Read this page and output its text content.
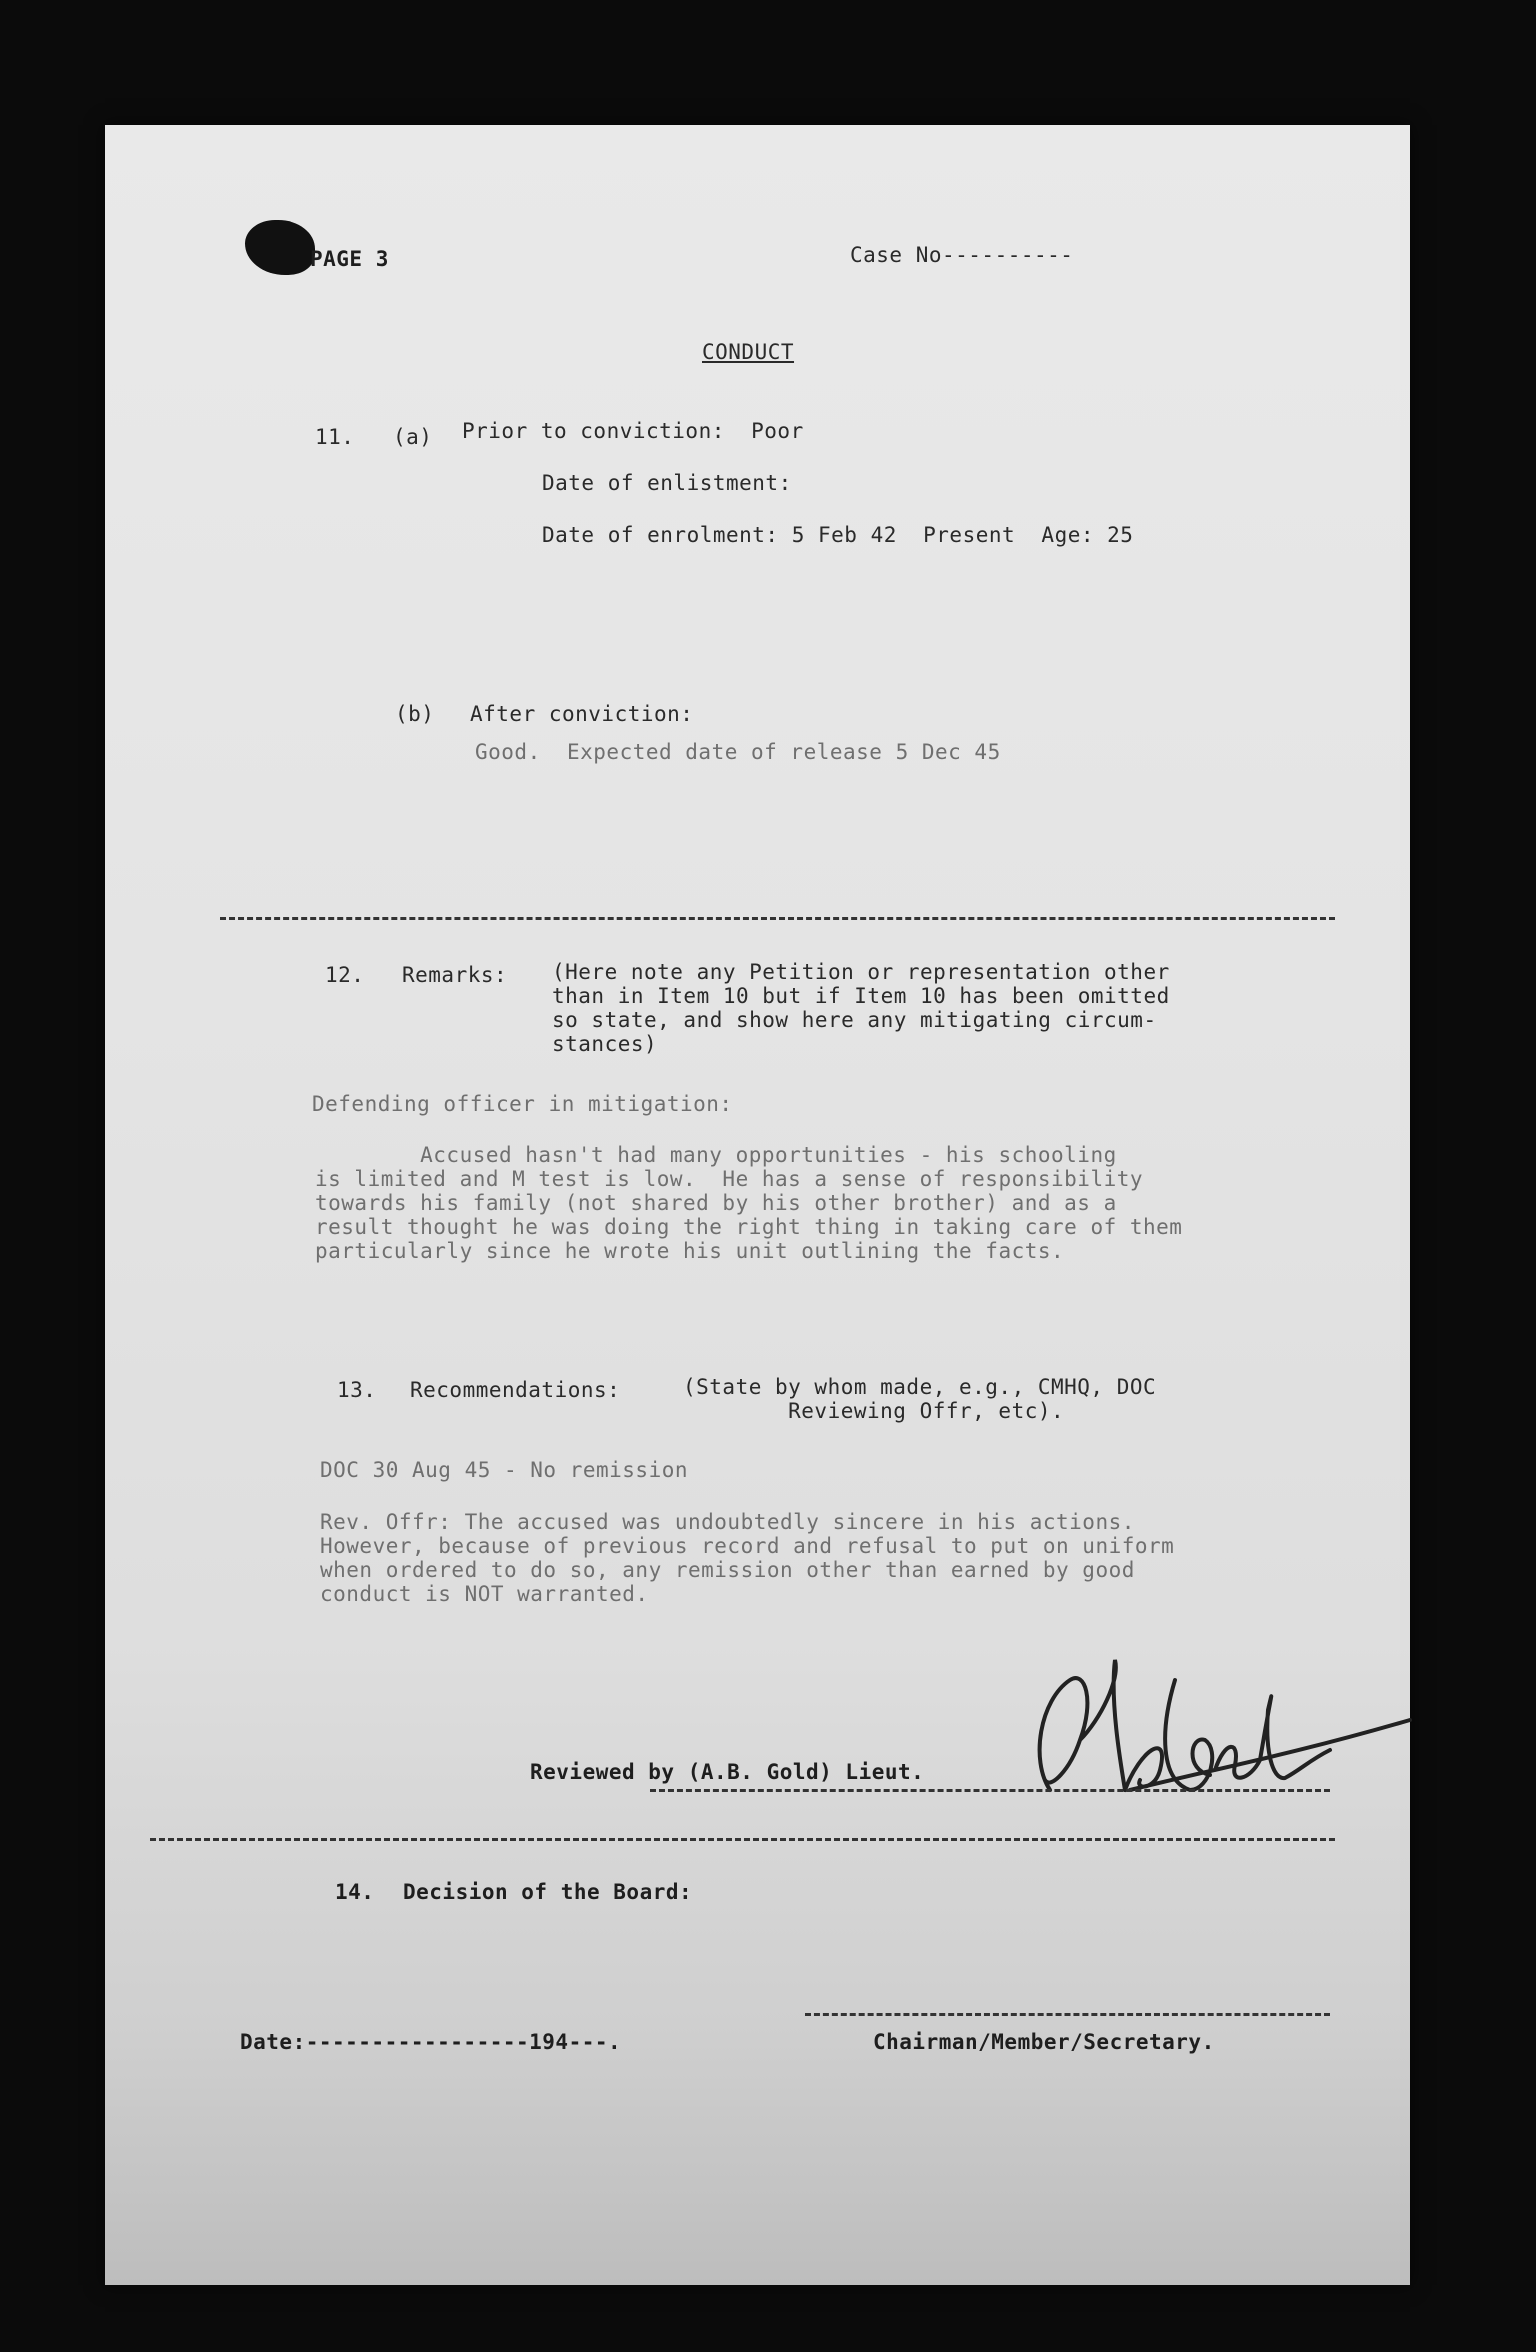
PAGE 3	Case No----------
CONDUCT
11. (a) Prior to conviction:  Poor
Date of enlistment:
Date of enrolment: 5 Feb 42  Present  Age: 25
(b) After conviction:
Good.  Expected date of release 5 Dec 45
12. Remarks: (Here note any Petition or representation other
than in Item 10 but if Item 10 has been omitted
so state, and show here any mitigating circum-
stances)
Defending officer in mitigation:
Accused hasn't had many opportunities - his schooling
is limited and M test is low.  He has a sense of responsibility
towards his family (not shared by his other brother) and as a
result thought he was doing the right thing in taking care of them
particularly since he wrote his unit outlining the facts.
13. Recommendations:	(State by whom made, e.g., CMHQ, DOC
Reviewing Offr, etc).
DOC 30 Aug 45 - No remission
Rev. Offr: The accused was undoubtedly sincere in his actions.
However, because of previous record and refusal to put on uniform
when ordered to do so, any remission other than earned by good
conduct is NOT warranted.
Reviewed by (A.B. Gold) Lieut.
14. Decision of the Board:
Date:-----------------194---.	Chairman/Member/Secretary.
